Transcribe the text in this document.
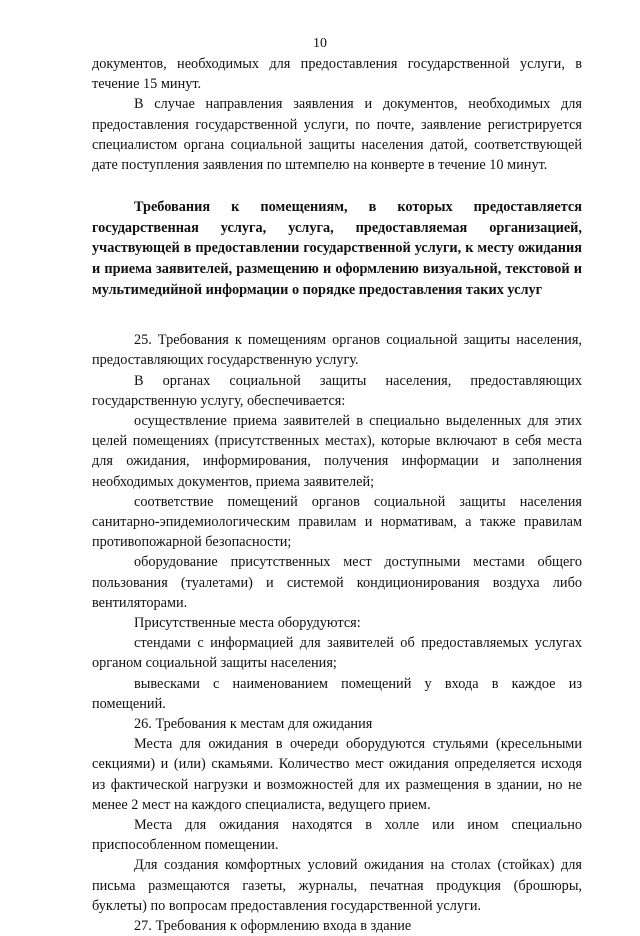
10

документов, необходимых для предоставления государственной услуги, в течение 15 минут.

В случае направления заявления и документов, необходимых для предоставления государственной услуги, по почте, заявление регистрируется специалистом органа социальной защиты населения датой, соответствующей дате поступления заявления по штемпелю на конверте в течение 10 минут.

Требования к помещениям, в которых предоставляется государственная услуга, услуга, предоставляемая организацией, участвующей в предоставлении государственной услуги, к месту ожидания и приема заявителей, размещению и оформлению визуальной, текстовой и мультимедийной информации о порядке предоставления таких услуг

25. Требования к помещениям органов социальной защиты населения, предоставляющих государственную услугу.

В органах социальной защиты населения, предоставляющих государственную услугу, обеспечивается:

осуществление приема заявителей в специально выделенных для этих целей помещениях (присутственных местах), которые включают в себя места для ожидания, информирования, получения информации и заполнения необходимых документов, приема заявителей;

соответствие помещений органов социальной защиты населения санитарно-эпидемиологическим правилам и нормативам, а также правилам противопожарной безопасности;

оборудование присутственных мест доступными местами общего пользования (туалетами) и системой кондиционирования воздуха либо вентиляторами.

Присутственные места оборудуются:

стендами с информацией для заявителей об предоставляемых услугах органом социальной защиты населения;

вывесками с наименованием помещений у входа в каждое из помещений.

26. Требования к местам для ожидания

Места для ожидания в очереди оборудуются стульями (кресельными секциями) и (или) скамьями. Количество мест ожидания определяется исходя из фактической нагрузки и возможностей для их размещения в здании, но не менее 2 мест на каждого специалиста, ведущего прием.

Места для ожидания находятся в холле или ином специально приспособленном помещении.

Для создания комфортных условий ожидания на столах (стойках) для письма размещаются газеты, журналы, печатная продукция (брошюры, буклеты) по вопросам предоставления государственной услуги.

27. Требования к оформлению входа в здание
